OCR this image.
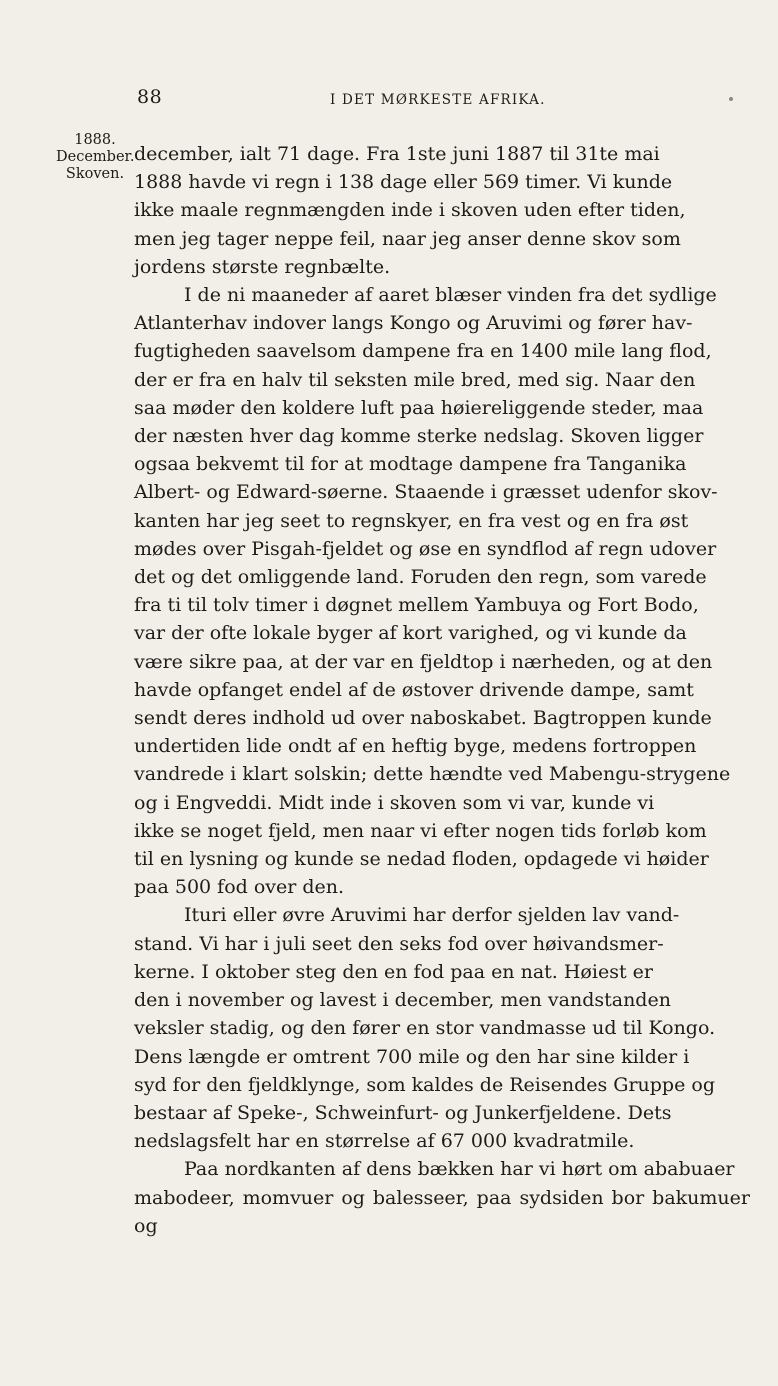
88	I DET MØRKESTE AFRIKA.
1888.
December.
Skoven.

december, ialt 71 dage. Fra 1ste juni 1887 til 31te mai
1888 havde vi regn i 138 dage eller 569 timer. Vi kunde
ikke maale regnmængden inde i skoven uden efter tiden,
men jeg tager neppe feil, naar jeg anser denne skov som
jordens største regnbælte.

I de ni maaneder af aaret blæser vinden fra det sydlige
Atlanterhav indover langs Kongo og Aruvimi og fører hav-
fugtigheden saavelsom dampene fra en 1400 mile lang flod,
der er fra en halv til seksten mile bred, med sig. Naar den
saa møder den koldere luft paa høiereliggende steder, maa
der næsten hver dag komme sterke nedslag. Skoven ligger
ogsaa bekvemt til for at modtage dampene fra Tanganika
Albert- og Edward-søerne. Staaende i græsset udenfor skov-
kanten har jeg seet to regnskyer, en fra vest og en fra øst
mødes over Pisgah-fjeldet og øse en syndflod af regn udover
det og det omliggende land. Foruden den regn, som varede
fra ti til tolv timer i døgnet mellem Yambuya og Fort Bodo,
var der ofte lokale byger af kort varighed, og vi kunde da
være sikre paa, at der var en fjeldtop i nærheden, og at den
havde opfanget endel af de østover drivende dampe, samt
sendt deres indhold ud over naboskabet. Bagtroppen kunde
undertiden lide ondt af en heftig byge, medens fortroppen
vandrede i klart solskin; dette hændte ved Mabengu-strygene
og i Engveddi. Midt inde i skoven som vi var, kunde vi
ikke se noget fjeld, men naar vi efter nogen tids forløb kom
til en lysning og kunde se nedad floden, opdagede vi høider
paa 500 fod over den.

Ituri eller øvre Aruvimi har derfor sjelden lav vand-
stand. Vi har i juli seet den seks fod over høivandsmer-
kerne. I oktober steg den en fod paa en nat. Høiest er
den i november og lavest i december, men vandstanden
veksler stadig, og den fører en stor vandmasse ud til Kongo.
Dens længde er omtrent 700 mile og den har sine kilder i
syd for den fjeldklynge, som kaldes de Reisendes Gruppe og
bestaar af Speke-, Schweinfurt- og Junkerfjeldene. Dets
nedslagsfelt har en størrelse af 67 000 kvadratmile.

Paa nordkanten af dens bækken har vi hørt om ababuaer
mabodeer, momvuer og balesseer, paa sydsiden bor bakumuer og
